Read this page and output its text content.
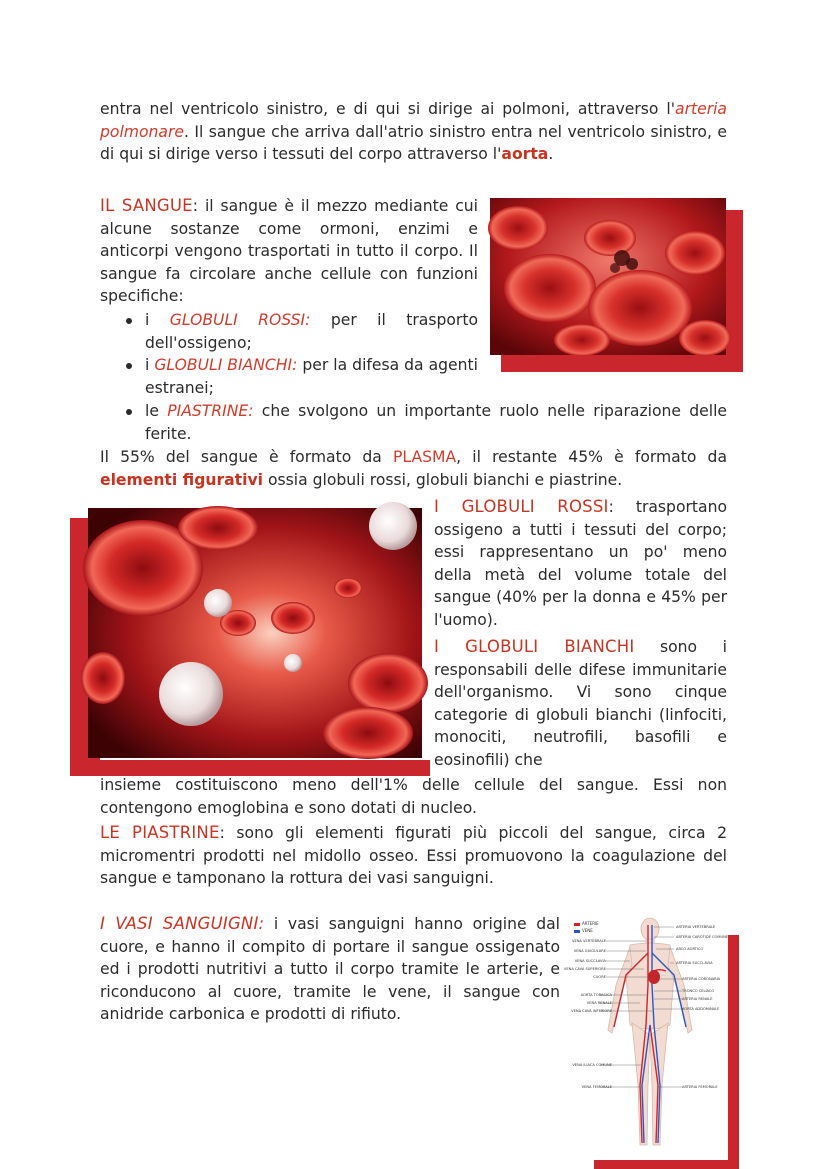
entra nel ventricolo sinistro, e di qui si dirige ai polmoni, attraverso l'arteria polmonare. Il sangue che arriva dall'atrio sinistro entra nel ventricolo sinistro, e di qui si dirige verso i tessuti del corpo attraverso l'aorta.
IL SANGUE: il sangue è il mezzo mediante cui alcune sostanze come ormoni, enzimi e anticorpi vengono trasportati in tutto il corpo. Il sangue fa circolare anche cellule con funzioni specifiche:
i GLOBULI ROSSI: per il trasporto dell'ossigeno;
i GLOBULI BIANCHI: per la difesa da agenti estranei;
le PIASTRINE: che svolgono un importante ruolo nelle riparazione delle ferite.
Il 55% del sangue è formato da PLASMA, il restante 45% è formato da elementi figurativi ossia globuli rossi, globuli bianchi e piastrine.
I GLOBULI ROSSI: trasportano ossigeno a tutti i tessuti del corpo; essi rappresentano un po' meno della metà del volume totale del sangue (40% per la donna e 45% per l'uomo).
I GLOBULI BIANCHI sono i responsabili delle difese immunitarie dell'organismo. Vi sono cinque categorie di globuli bianchi (linfociti, monociti, neutrofili, basofili e eosinofili) che
insieme costituiscono meno dell'1% delle cellule del sangue. Essi non contengono emoglobina e sono dotati di nucleo.
LE PIASTRINE: sono gli elementi figurati più piccoli del sangue, circa 2 micromentri prodotti nel midollo osseo. Essi promuovono la coagulazione del sangue e tamponano la rottura dei vasi sanguigni.
I VASI SANGUIGNI: i vasi sanguigni hanno origine dal cuore, e hanno il compito di portare il sangue ossigenato ed i prodotti nutritivi a tutto il corpo tramite le arterie, e riconducono al cuore, tramite le vene, il sangue con anidride carbonica e prodotti di rifiuto.
ARTERIE
VENE
VENA VERTEBRALE
VENA GIUGULARE
VENA SUCCLAVIA
VENA CAVA SUPERIORE
CUORE
AORTA TORACICA
VENA RENALE
VENA CAVA INFERIORE
VENA ILIACA COMUNE
VENA FEMORALE
ARTERIA VERTEBRALE
ARTERIA CAROTIDE COMUNE
ARCO AORTICO
ARTERIA SUCCLAVIA
ARTERIA CORONARIA
TRONCO CELIACO
ARTERIA RENALE
AORTA ADDOMINALE
ARTERIA FEMORALE
